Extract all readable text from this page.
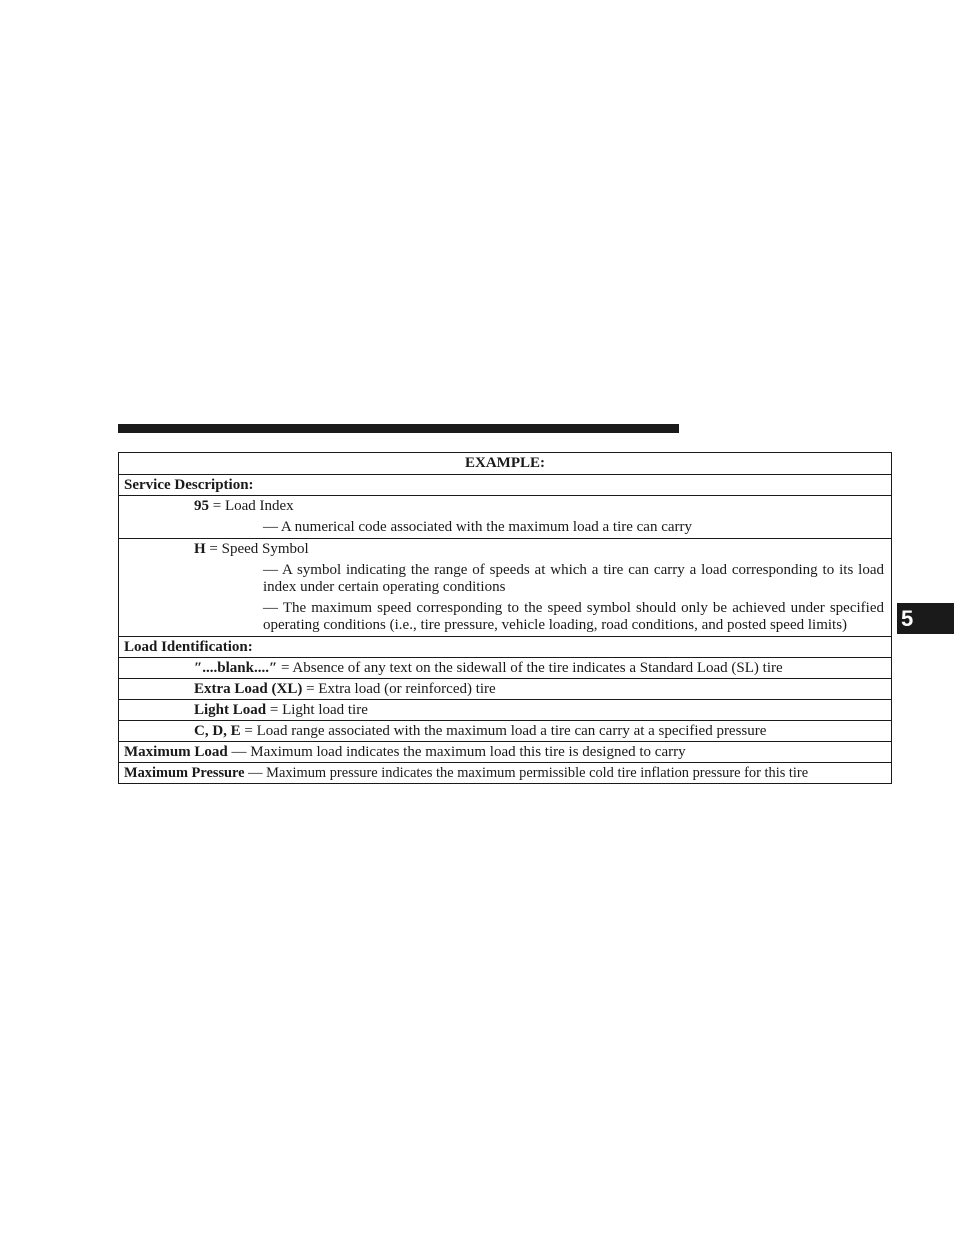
5
EXAMPLE:
Service Description:
95 = Load Index
— A numerical code associated with the maximum load a tire can carry
H = Speed Symbol
— A symbol indicating the range of speeds at which a tire can carry a load corresponding to its load index under certain operating conditions
— The maximum speed corresponding to the speed symbol should only be achieved under specified operating conditions (i.e., tire pressure, vehicle loading, road conditions, and posted speed limits)
Load Identification:
″....blank....″ = Absence of any text on the sidewall of the tire indicates a Standard Load (SL) tire
Extra Load (XL) = Extra load (or reinforced) tire
Light Load = Light load tire
C, D, E = Load range associated with the maximum load a tire can carry at a specified pressure
Maximum Load — Maximum load indicates the maximum load this tire is designed to carry
Maximum Pressure — Maximum pressure indicates the maximum permissible cold tire inflation pressure for this tire
